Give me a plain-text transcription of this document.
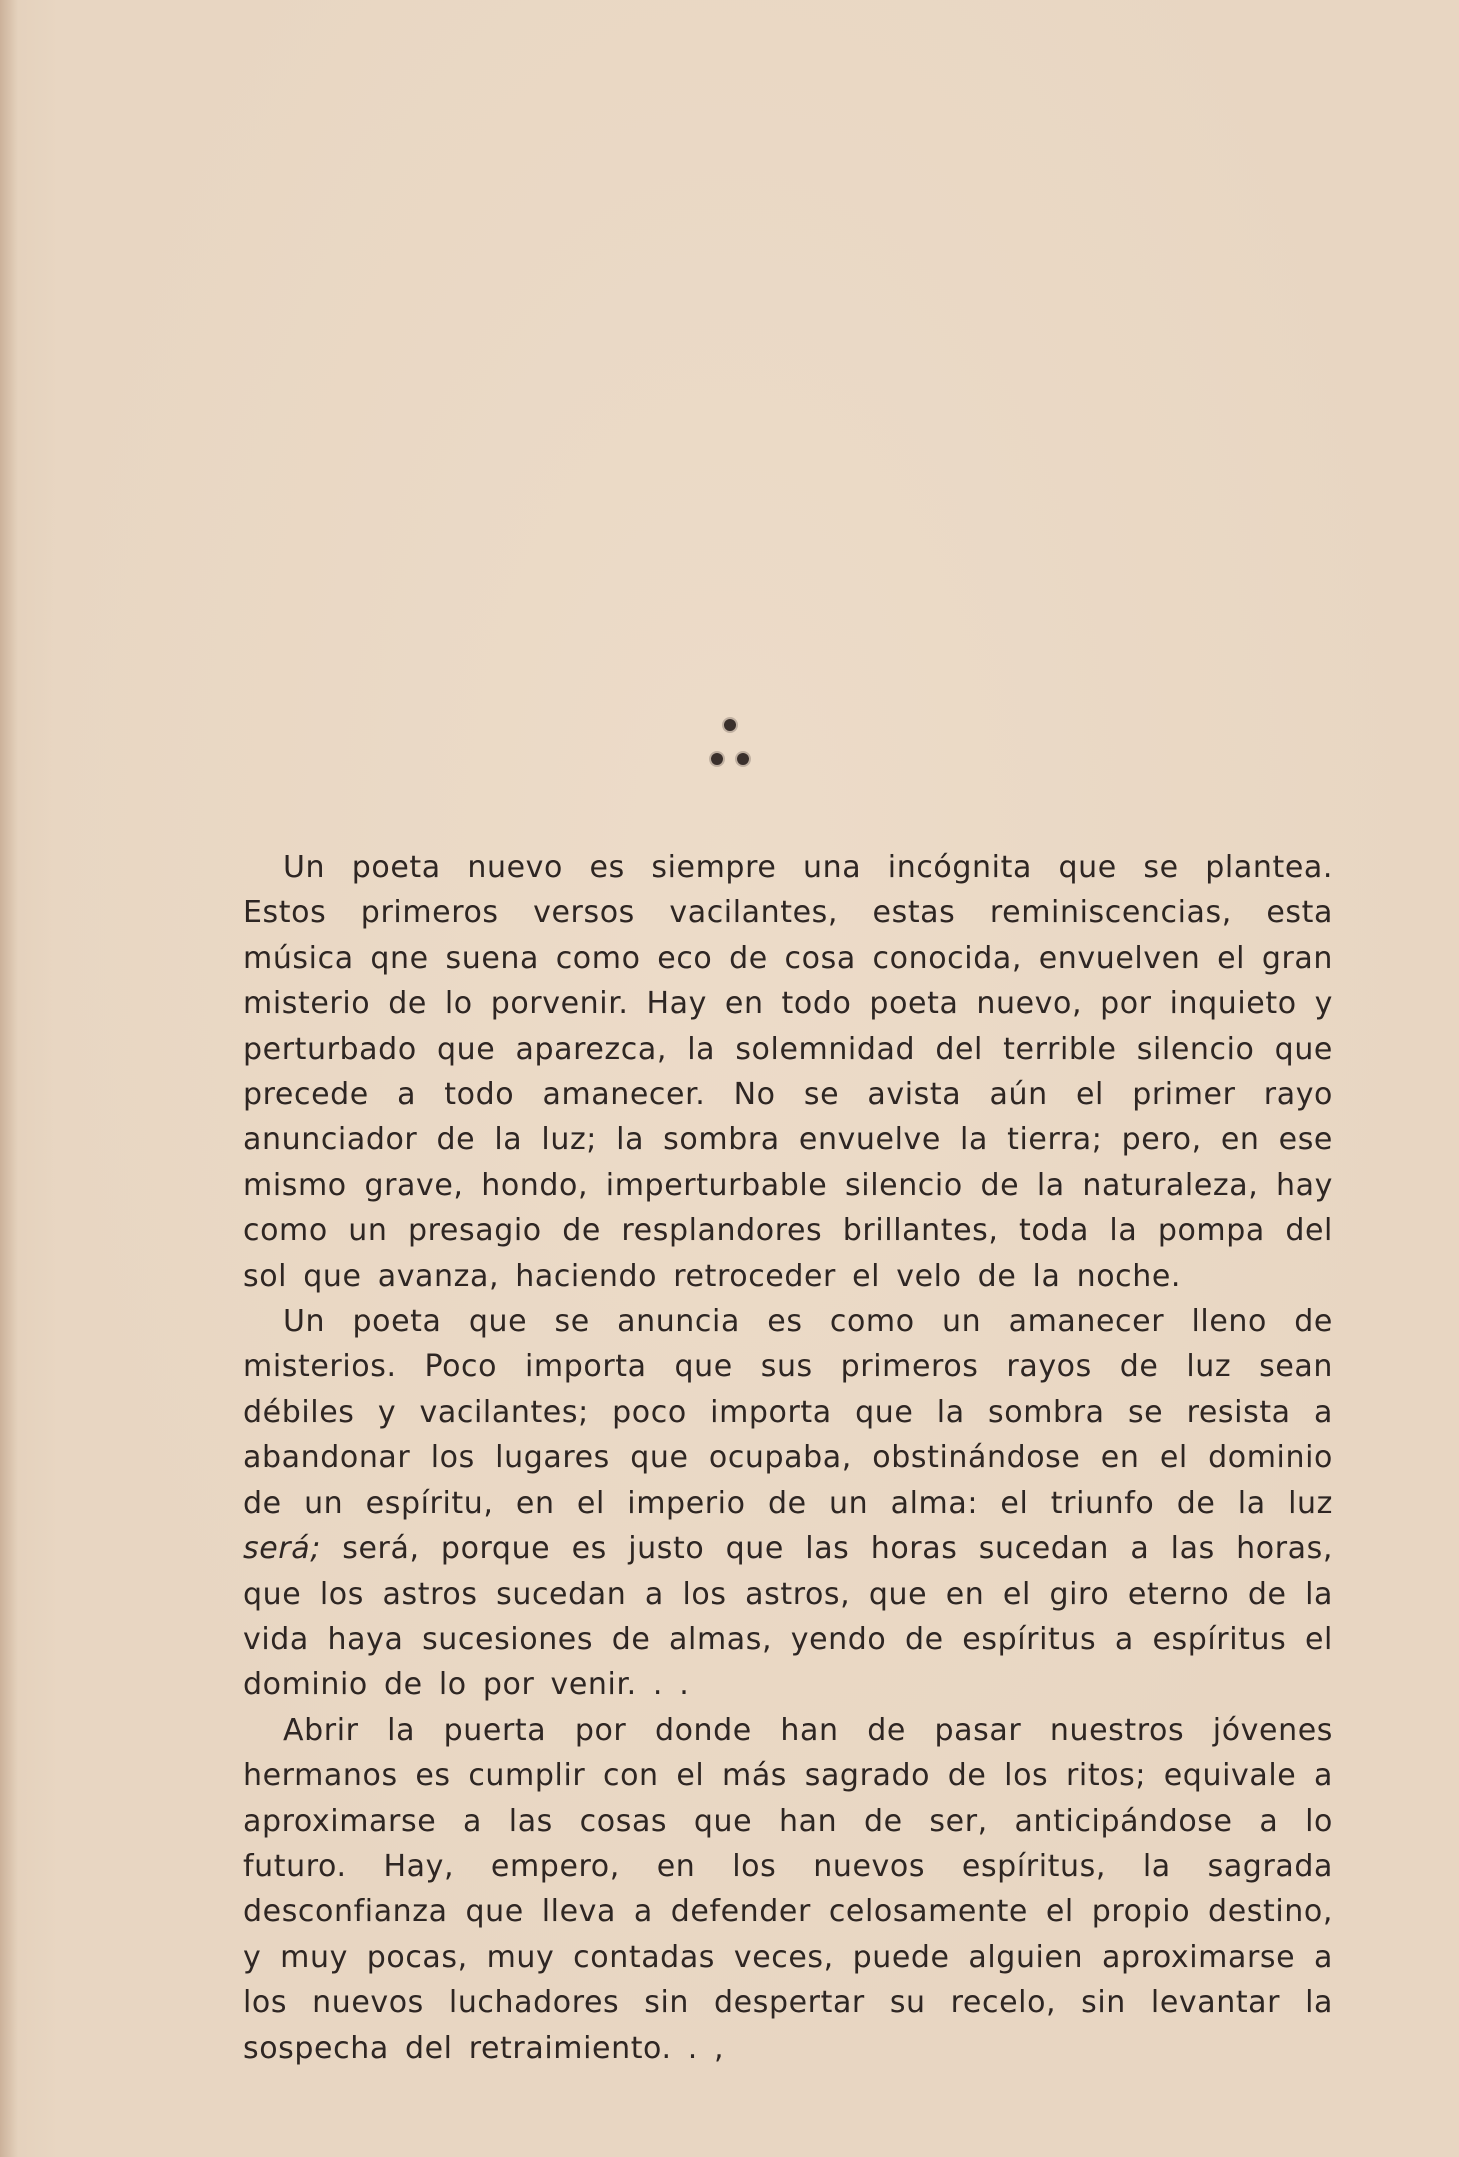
Un poeta nuevo es siempre una incógnita que se plantea. Estos primeros versos vacilantes, estas reminiscencias, esta música qne suena como eco de cosa conocida, envuelven el gran misterio de lo porvenir. Hay en todo poeta nuevo, por inquieto y perturbado que aparezca, la solemnidad del terrible silencio que precede a todo amanecer. No se avista aún el primer rayo anunciador de la luz; la sombra envuelve la tierra; pero, en ese mismo grave, hondo, imperturbable silencio de la naturaleza, hay como un presagio de resplandores brillantes, toda la pompa del sol que avanza, haciendo retroceder el velo de la noche.

Un poeta que se anuncia es como un amanecer lleno de misterios. Poco importa que sus primeros rayos de luz sean débiles y vacilantes; poco importa que la sombra se resista a abandonar los lugares que ocupaba, obstinándose en el dominio de un espíritu, en el imperio de un alma: el triunfo de la luz será; será, porque es justo que las horas sucedan a las horas, que los astros sucedan a los astros, que en el giro eterno de la vida haya sucesiones de almas, yendo de espíritus a espíritus el dominio de lo por venir. . .

Abrir la puerta por donde han de pasar nuestros jóvenes hermanos es cumplir con el más sagrado de los ritos; equivale a aproximarse a las cosas que han de ser, anticipándose a lo futuro. Hay, empero, en los nuevos espíritus, la sagrada desconfianza que lleva a defender celosamente el propio destino, y muy pocas, muy contadas veces, puede alguien aproximarse a los nuevos luchadores sin despertar su recelo, sin levantar la sospecha del retraimiento. . ,
